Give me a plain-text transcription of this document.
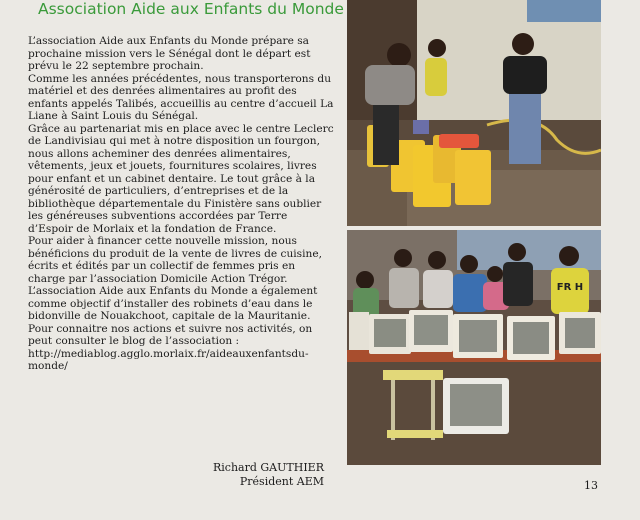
Association Aide aux Enfants du Monde

L’association Aide aux Enfants du Monde prépare sa prochaine mission vers le Sénégal dont le départ est prévu le 22 septembre prochain.

Comme les années précédentes, nous transporterons du matériel et des denrées alimentaires au profit des enfants appelés Talibés, accueillis au centre d’accueil La Liane à Saint Louis du Sénégal.

Grâce au partenariat mis en place avec le centre Leclerc de Landivisiau qui met à notre disposition un fourgon, nous allons acheminer des denrées alimentaires, vêtements, jeux et jouets, fournitures scolaires, livres pour enfant et un cabinet dentaire. Le tout grâce à la générosité de particuliers, d’entreprises et de la bibliothèque départementale du Finistère sans oublier les généreuses subventions accordées par Terre d’Espoir de Morlaix et la fondation de France.

Pour aider à financer cette nouvelle mission, nous bénéficions du produit de la vente de livres de cuisine, écrits et édités par un collectif de femmes pris en charge par l’association Domicile Action Trégor.

L’association Aide aux Enfants du Monde a également comme objectif d’installer des robinets d’eau dans le bidonville de Nouakchoot, capitale de la Mauritanie.

Pour connaitre nos actions et suivre nos activités, on peut consulter le blog de l’association : http://mediablog.agglo.morlaix.fr/aideauxenfantsdu-monde/

Richard GAUTHIER
Président AEM	13
FR H
